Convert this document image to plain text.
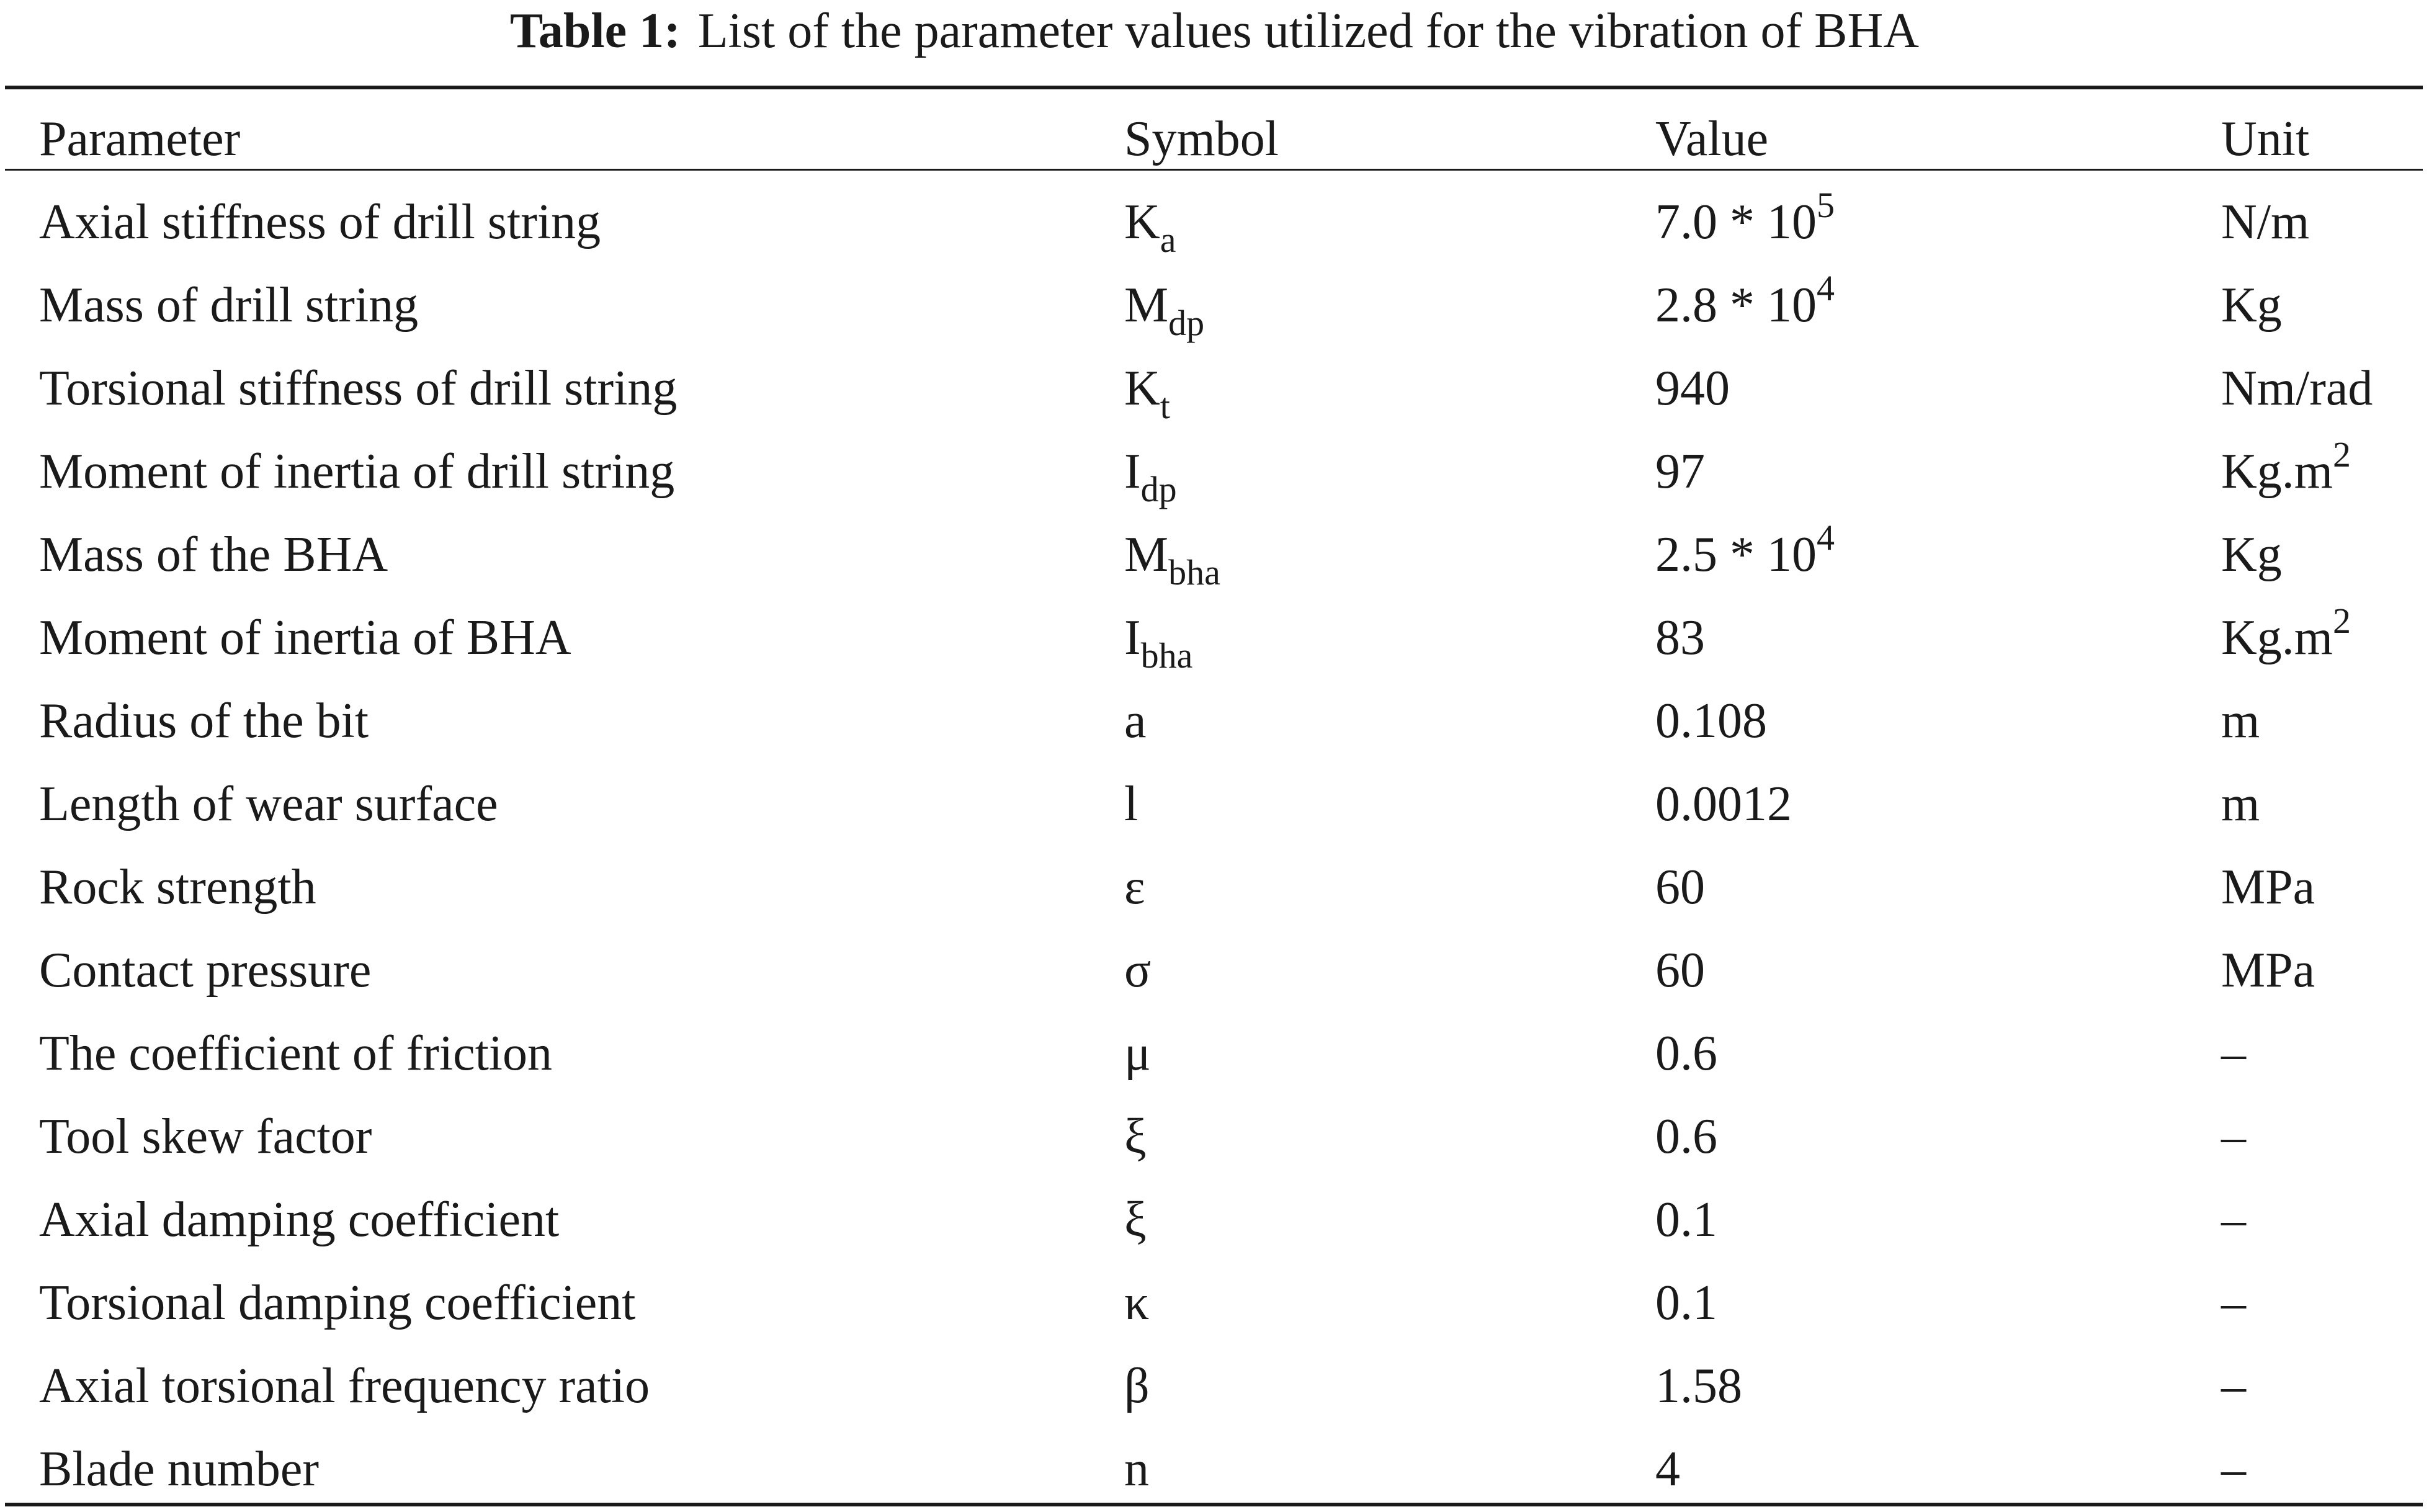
Table 1: List of the parameter values utilized for the vibration of BHA
Parameter	Symbol	Value	Unit
Axial stiffness of drill string	$K_a$	$7.0 * 10^5$	N/m
Mass of drill string	$M_{dp}$	$2.8 * 10^4$	Kg
Torsional stiffness of drill string	$K_t$	940	Nm/rad
Moment of inertia of drill string	$I_{dp}$	97	$Kg.m^2$
Mass of the BHA	$M_{bha}$	$2.5 * 10^4$	Kg
Moment of inertia of BHA	$I_{bha}$	83	$Kg.m^2$
Radius of the bit	a	0.108	m
Length of wear surface	l	0.0012	m
Rock strength	ε	60	MPa
Contact pressure	σ	60	MPa
The coefficient of friction	μ	0.6	–
Tool skew factor	ξ	0.6	–
Axial damping coefficient	ξ	0.1	–
Torsional damping coefficient	κ	0.1	–
Axial torsional frequency ratio	β	1.58	–
Blade number	n	4	–
